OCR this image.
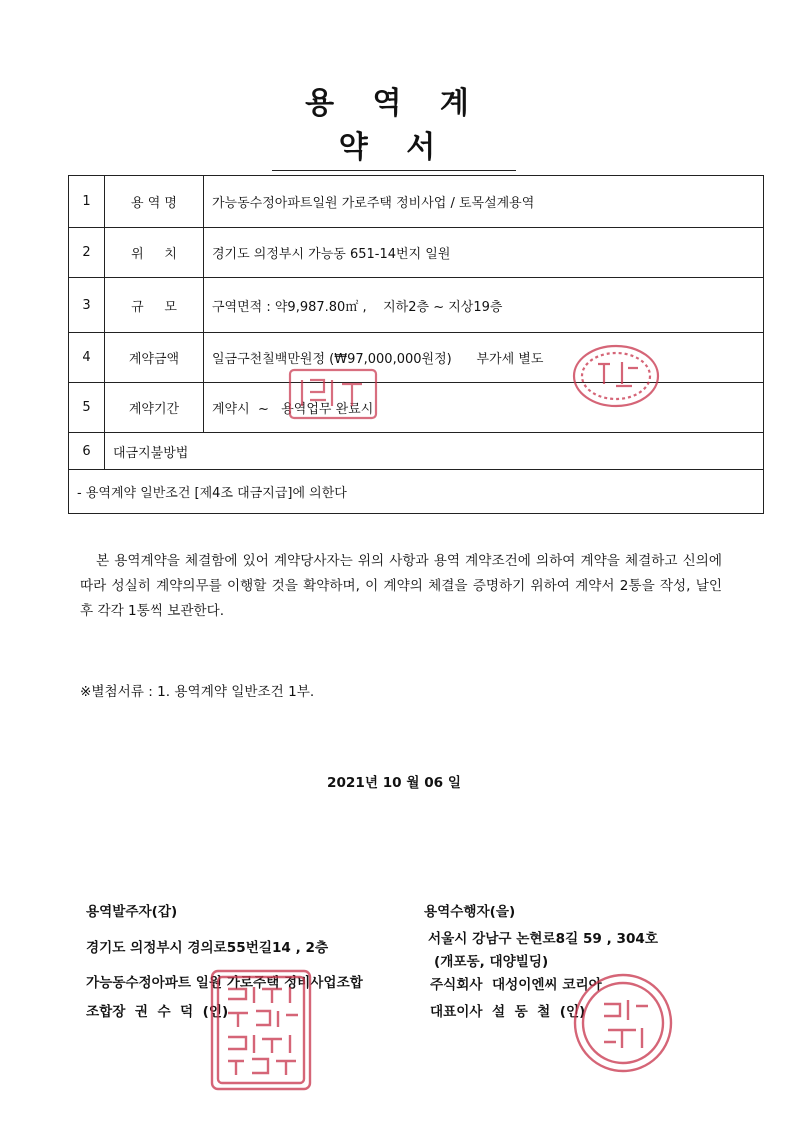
용 역 계 약 서
1	용 역 명	가능동수정아파트일원 가로주택 정비사업 / 토목설계용역
2	위     치	경기도 의정부시 가능동 651-14번지 일원
3	규     모	구역면적 : 약9,987.80㎡ ,    지하2층 ~ 지상19층
4	계약금액	일금구천칠백만원정 (₩97,000,000원정)      부가세 별도
5	계약기간	계약시  ~   용역업무 완료시
6	대금지불방법	
- 용역계약 일반조건 [제4조 대금지급]에 의한다		
본 용역계약을 체결함에 있어 계약당사자는 위의 사항과 용역 계약조건에 의하여 계약을 체결하고 신의에 따라 성실히 계약의무를 이행할 것을 확약하며, 이 계약의 체결을 증명하기 위하여 계약서 2통을 작성, 날인 후 각각 1통씩 보관한다.
※별첨서류 : 1. 용역계약 일반조건 1부.
2021년 10 월 06 일
용역발주자(갑)
경기도 의정부시 경의로55번길14 , 2층
가능동수정아파트 일원 가로주택 정비사업조합
조합장  권  수  덕  (인)
용역수행자(을)
서울시 강남구 논현로8길 59 , 304호
(개포동, 대양빌딩)
주식회사  대성이엔씨 코리아
대표이사  설  동  철  (인)
